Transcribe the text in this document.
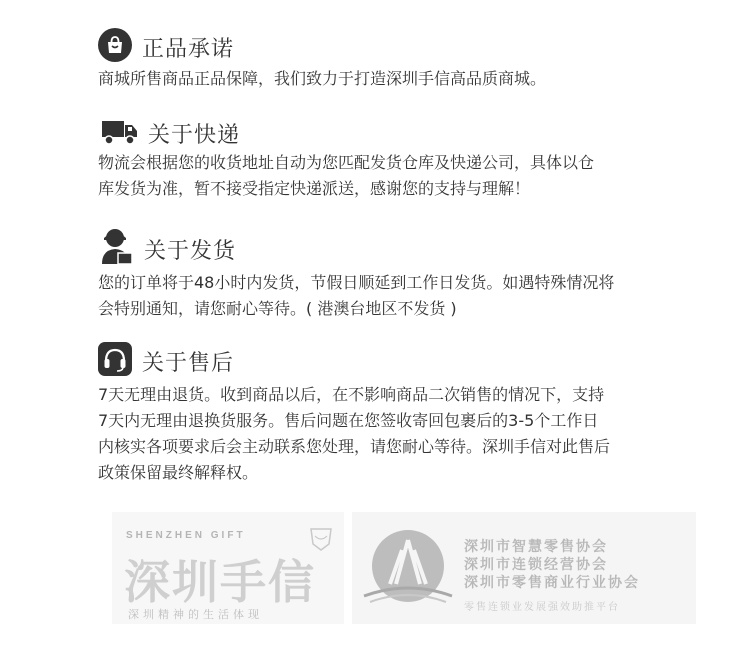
正品承诺
商城所售商品正品保障，我们致力于打造深圳手信高品质商城。
关于快递
物流会根据您的收货地址自动为您匹配发货仓库及快递公司，具体以仓
库发货为准，暂不接受指定快递派送，感谢您的支持与理解！
关于发货
您的订单将于48小时内发货，节假日顺延到工作日发货。如遇特殊情况将
会特别通知，请您耐心等待。( 港澳台地区不发货 )
关于售后
7天无理由退货。收到商品以后，在不影响商品二次销售的情况下，支持
7天内无理由退换货服务。售后问题在您签收寄回包裹后的3-5个工作日
内核实各项要求后会主动联系您处理，请您耐心等待。深圳手信对此售后
政策保留最终解释权。
SHENZHEN GIFT
深圳手信
深圳精神的生活体现
深圳市智慧零售协会
深圳市连锁经营协会
深圳市零售商业行业协会
零售连锁业发展强效助推平台
